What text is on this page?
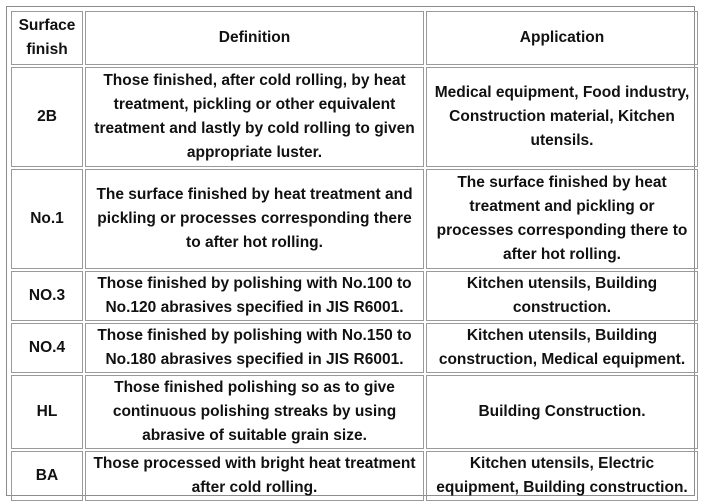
Surface finish	Definition	Application
2B	Those finished, after cold rolling, by heat treatment, pickling or other equivalent treatment and lastly by cold rolling to given appropriate luster.	Medical equipment, Food industry, Construction material, Kitchen utensils.
No.1	The surface finished by heat treatment and pickling or processes corresponding there to after hot rolling.	The surface finished by heat treatment and pickling or processes corresponding there to after hot rolling.
NO.3	Those finished by polishing with No.100 to No.120 abrasives specified in JIS R6001.	Kitchen utensils, Building construction.
NO.4	Those finished by polishing with No.150 to No.180 abrasives specified in JIS R6001.	Kitchen utensils, Building construction, Medical equipment.
HL	Those finished polishing so as to give continuous polishing streaks by using abrasive of suitable grain size.	Building Construction.
BA	Those processed with bright heat treatment after cold rolling.	Kitchen utensils, Electric equipment, Building construction.
